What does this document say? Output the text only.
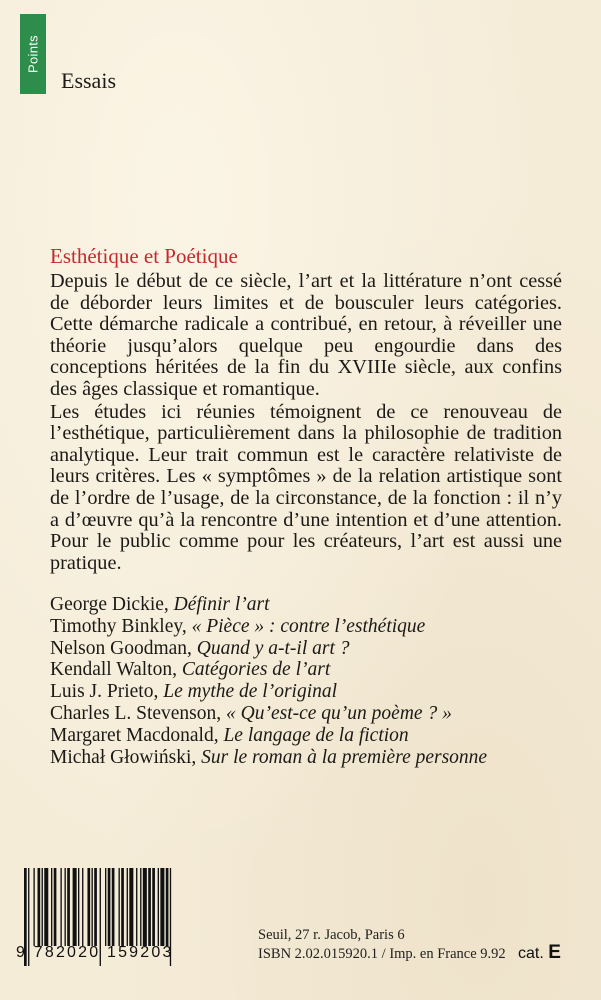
Points
Essais
Esthétique et Poétique

Depuis le début de ce siècle, l’art et la littérature n’ont cessé de déborder leurs limites et de bousculer leurs catégories. Cette démarche radicale a contribué, en retour, à réveiller une théorie jusqu’alors quelque peu engourdie dans des conceptions héritées de la fin du XVIIIe siècle, aux confins des âges classique et romantique.

Les études ici réunies témoignent de ce renouveau de l’esthétique, particulièrement dans la philosophie de tradition analytique. Leur trait commun est le caractère relativiste de leurs critères. Les « symptômes » de la relation artistique sont de l’ordre de l’usage, de la circonstance, de la fonction : il n’y a d’œuvre qu’à la rencontre d’une intention et d’une attention. Pour le public comme pour les créateurs, l’art est aussi une pratique.

George Dickie, Définir l’art
Timothy Binkley, « Pièce » : contre l’esthétique
Nelson Goodman, Quand y a-t-il art ?
Kendall Walton, Catégories de l’art
Luis J. Prieto, Le mythe de l’original
Charles L. Stevenson, « Qu’est-ce qu’un poème ? »
Margaret Macdonald, Le langage de la fiction
Michał Głowiński, Sur le roman à la première personne
9 782020 159203
Seuil, 27 r. Jacob, Paris 6
ISBN 2.02.015920.1 / Imp. en France 9.92 cat. E
